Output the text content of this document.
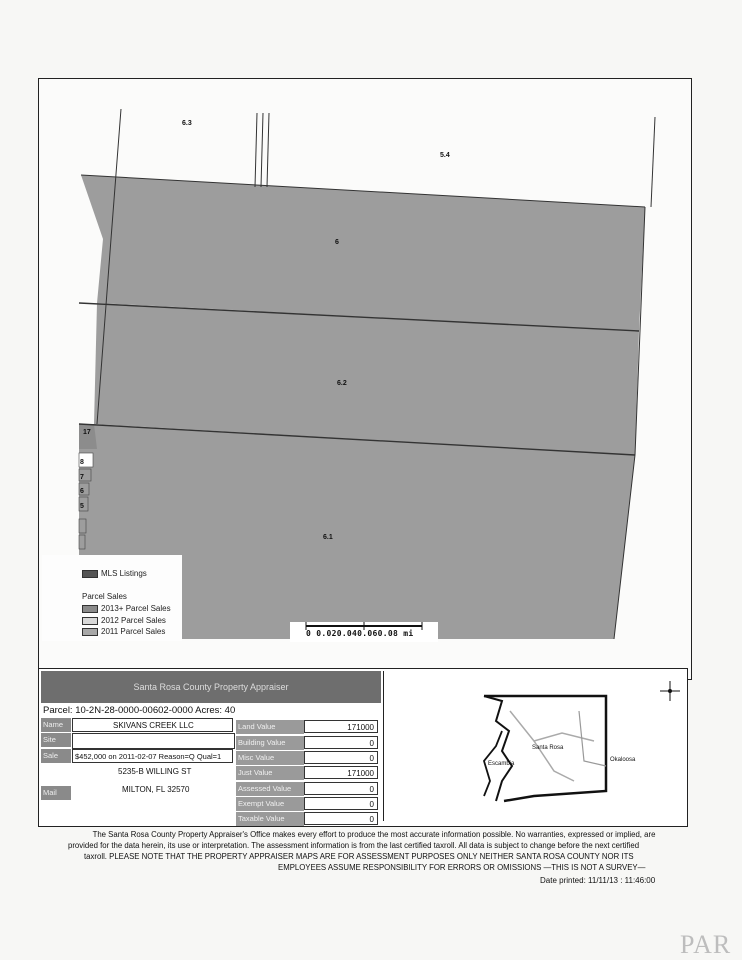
6.3
5.4
6
6.2
17
6.1
8
7
6
5
MLS Listings
Parcel Sales
2013+ Parcel Sales
2012 Parcel Sales
2011 Parcel Sales	0 0.020.040.060.08 mi
Santa Rosa County Property Appraiser
Parcel: 10-2N-28-0000-00602-0000 Acres: 40
Name	SKIVANS CREEK LLC
Site
Sale	$452,000 on 2011-02-07 Reason=Q Qual=1
Mail
5235-B WILLING ST
MILTON, FL 32570
Land Value	171000
Building Value	0
Misc Value	0
Just Value	171000
Assessed Value	0
Exempt Value	0
Taxable Value	0
Santa Rosa
Okaloosa
Escambia
The Santa Rosa County Property Appraiser's Office makes every effort to produce the most accurate information possible. No warranties, expressed or implied, are
provided for the data herein, its use or interpretation. The assessment information is from the last certified taxroll. All data is subject to change before the next certified
taxroll. PLEASE NOTE THAT THE PROPERTY APPRAISER MAPS ARE FOR ASSESSMENT PURPOSES ONLY NEITHER SANTA ROSA COUNTY NOR ITS
EMPLOYEES ASSUME RESPONSIBILITY FOR ERRORS OR OMISSIONS —THIS IS NOT A SURVEY—
Date printed: 11/11/13 : 11:46:00
PAR
